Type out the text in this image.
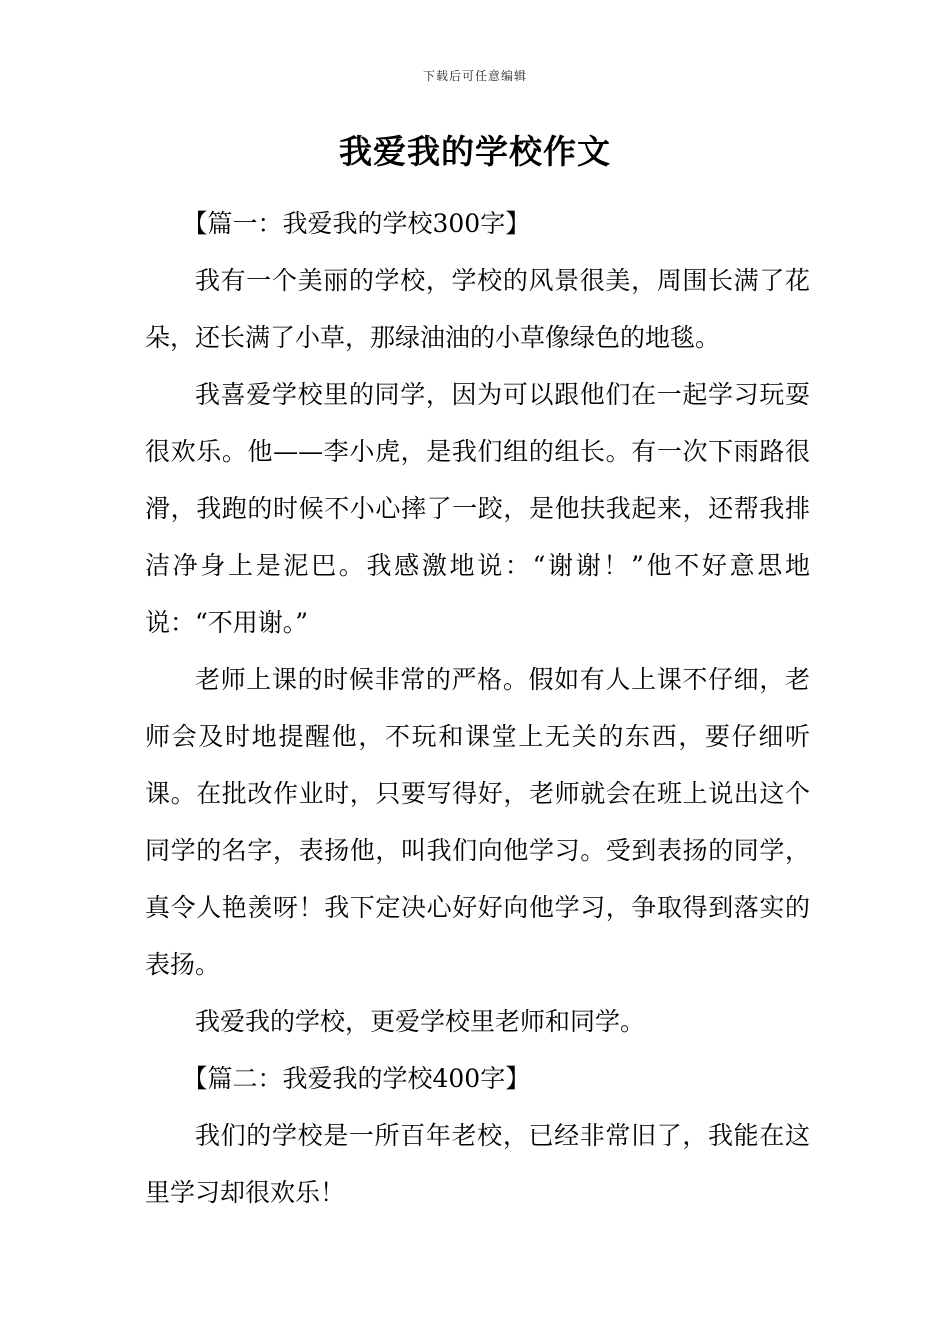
下载后可任意编辑
我爱我的学校作文

【篇一：我爱我的学校300字】

我有一个美丽的学校，学校的风景很美，周围长满了花朵，还长满了小草，那绿油油的小草像绿色的地毯。

我喜爱学校里的同学，因为可以跟他们在一起学习玩耍很欢乐。他——李小虎，是我们组的组长。有一次下雨路很滑，我跑的时候不小心摔了一跤，是他扶我起来，还帮我排洁净身上是泥巴。我感激地说：“谢谢！”他不好意思地说：“不用谢。”

老师上课的时候非常的严格。假如有人上课不仔细，老师会及时地提醒他，不玩和课堂上无关的东西，要仔细听课。在批改作业时，只要写得好，老师就会在班上说出这个同学的名字，表扬他，叫我们向他学习。受到表扬的同学，真令人艳羡呀！我下定决心好好向他学习，争取得到落实的表扬。

我爱我的学校，更爱学校里老师和同学。

【篇二：我爱我的学校400字】

我们的学校是一所百年老校，已经非常旧了，我能在这里学习却很欢乐！
